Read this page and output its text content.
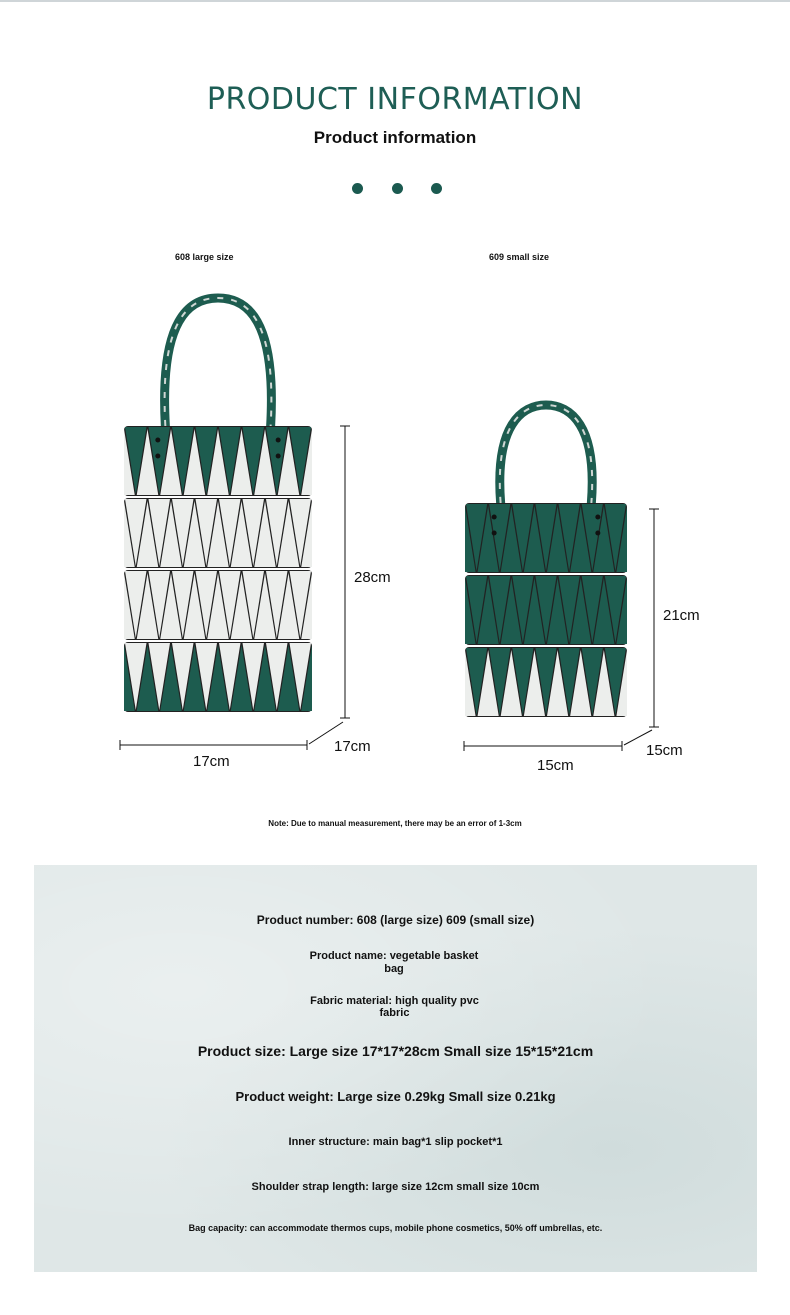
PRODUCT INFORMATION
Product information
608 large size	609 small size
28cm
17cm
17cm
21cm
15cm
15cm
Note: Due to manual measurement, there may be an error of 1-3cm
Product number: 608 (large size) 609 (small size)
Product name: vegetable basket bag
Fabric material: high quality pvc fabric
Product size: Large size 17*17*28cm Small size 15*15*21cm
Product weight: Large size 0.29kg Small size 0.21kg
Inner structure: main bag*1 slip pocket*1
Shoulder strap length: large size 12cm small size 10cm
Bag capacity: can accommodate thermos cups, mobile phone cosmetics, 50% off umbrellas, etc.
